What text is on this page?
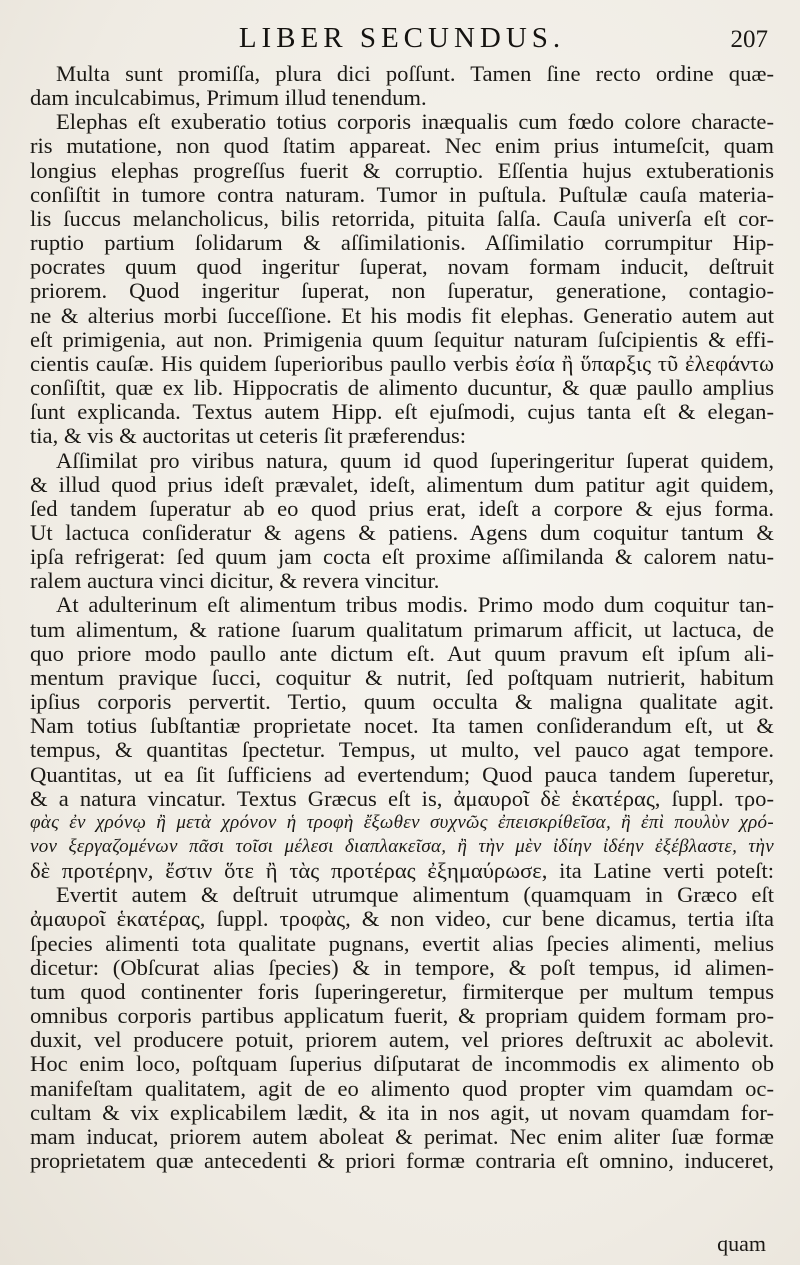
LIBER SECUNDUS.	207
Multa sunt promiſſa, plura dici poſſunt. Tamen ſine recto ordine quæ-
dam inculcabimus, Primum illud tenendum.
Elephas eſt exuberatio totius corporis inæqualis cum fœdo colore characte-
ris mutatione, non quod ſtatim appareat. Nec enim prius intumeſcit, quam
longius elephas progreſſus fuerit & corruptio. Eſſentia hujus extuberationis
conſiſtit in tumore contra naturam. Tumor in puſtula. Puſtulæ cauſa materia-
lis ſuccus melancholicus, bilis retorrida, pituita ſalſa. Cauſa univerſa eſt cor-
ruptio partium ſolidarum & aſſimilationis. Aſſimilatio corrumpitur Hip-
pocrates quum quod ingeritur ſuperat, novam formam inducit, deſtruit
priorem. Quod ingeritur ſuperat, non ſuperatur, generatione, contagio-
ne & alterius morbi ſucceſſione. Et his modis fit elephas. Generatio autem aut
eſt primigenia, aut non. Primigenia quum ſequitur naturam ſuſcipientis & effi-
cientis cauſæ. His quidem ſuperioribus paullo verbis ἐσία ἢ ὕπαρξις τῦ ἐλεφάντω
conſiſtit, quæ ex lib. Hippocratis de alimento ducuntur, & quæ paullo amplius
ſunt explicanda. Textus autem Hipp. eſt ejuſmodi, cujus tanta eſt & elegan-
tia, & vis & auctoritas ut ceteris ſit præferendus:
Aſſimilat pro viribus natura, quum id quod ſuperingeritur ſuperat quidem,
& illud quod prius ideſt prævalet, ideſt, alimentum dum patitur agit quidem,
ſed tandem ſuperatur ab eo quod prius erat, ideſt a corpore & ejus forma.
Ut lactuca conſideratur & agens & patiens. Agens dum coquitur tantum &
ipſa refrigerat: ſed quum jam cocta eſt proxime aſſimilanda & calorem natu-
ralem auctura vinci dicitur, & revera vincitur.
At adulterinum eſt alimentum tribus modis. Primo modo dum coquitur tan-
tum alimentum, & ratione ſuarum qualitatum primarum afficit, ut lactuca, de
quo priore modo paullo ante dictum eſt. Aut quum pravum eſt ipſum ali-
mentum pravique ſucci, coquitur & nutrit, ſed poſtquam nutrierit, habitum
ipſius corporis pervertit. Tertio, quum occulta & maligna qualitate agit.
Nam totius ſubſtantiæ proprietate nocet. Ita tamen conſiderandum eſt, ut &
tempus, & quantitas ſpectetur. Tempus, ut multo, vel pauco agat tempore.
Quantitas, ut ea ſit ſufficiens ad evertendum; Quod pauca tandem ſuperetur,
& a natura vincatur. Textus Græcus eſt is, ἀμαυροῖ δὲ ἑκατέρας, ſuppl. τρο-
φὰς ἐν χρόνῳ ἢ μετὰ χρόνον ἡ τροφὴ ἔξωθεν συχνῶς ἐπεισκρίθεῖσα, ἢ ἐπὶ πουλὺν χρό-
νον ξεργαζομένων πᾶσι τοῖσι μέλεσι διαπλακεῖσα, ἢ τὴν μὲν ἰδίην ἰδέην ἐξέβλαστε, τὴν
δὲ προτέρην, ἔστιν ὅτε ἢ τὰς προτέρας ἐξημαύρωσε, ita Latine verti poteſt:
Evertit autem & deſtruit utrumque alimentum (quamquam in Græco eſt
ἀμαυροῖ ἑκατέρας, ſuppl. τροφὰς, & non video, cur bene dicamus, tertia iſta
ſpecies alimenti tota qualitate pugnans, evertit alias ſpecies alimenti, melius
dicetur: (Obſcurat alias ſpecies) & in tempore, & poſt tempus, id alimen-
tum quod continenter foris ſuperingeretur, firmiterque per multum tempus
omnibus corporis partibus applicatum fuerit, & propriam quidem formam pro-
duxit, vel producere potuit, priorem autem, vel priores deſtruxit ac abolevit.
Hoc enim loco, poſtquam ſuperius diſputarat de incommodis ex alimento ob
manifeſtam qualitatem, agit de eo alimento quod propter vim quamdam oc-
cultam & vix explicabilem lædit, & ita in nos agit, ut novam quamdam for-
mam inducat, priorem autem aboleat & perimat. Nec enim aliter ſuæ formæ
proprietatem quæ antecedenti & priori formæ contraria eſt omnino, induceret,
quam
